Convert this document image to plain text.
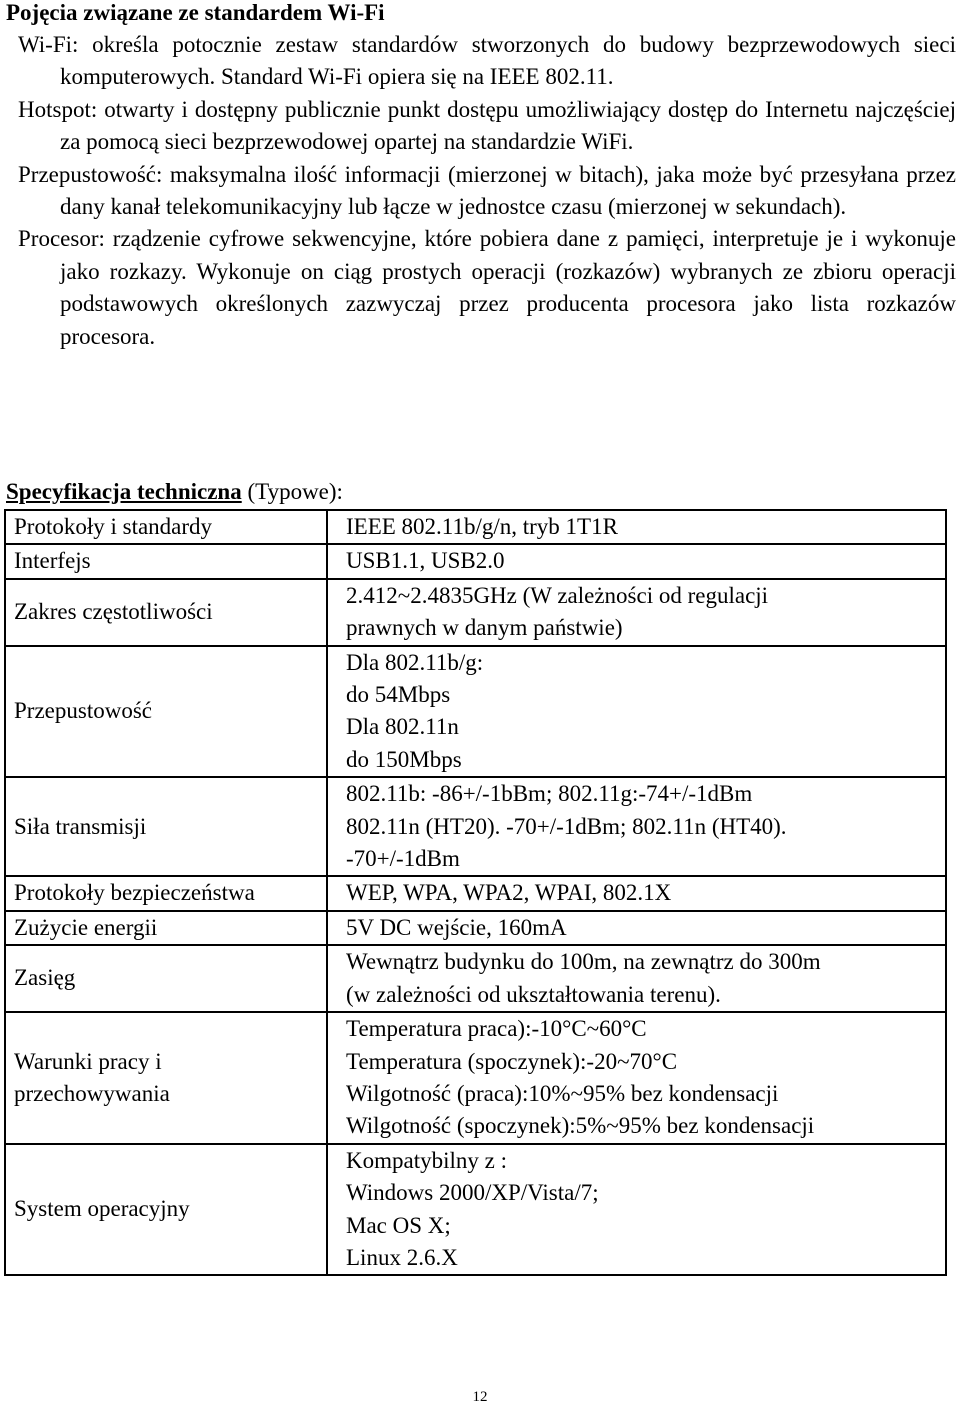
Pojęcia związane ze standardem Wi-Fi

Wi-Fi: określa potocznie zestaw standardów stworzonych do budowy bezprzewodowych sieci komputerowych. Standard Wi-Fi opiera się na IEEE 802.11.

Hotspot: otwarty i dostępny publicznie punkt dostępu umożliwiający dostęp do Internetu najczęściej za pomocą sieci bezprzewodowej opartej na standardzie WiFi.

Przepustowość: maksymalna ilość informacji (mierzonej w bitach), jaka może być przesyłana przez dany kanał telekomunikacyjny lub łącze w jednostce czasu (mierzonej w sekundach).

Procesor: rządzenie cyfrowe sekwencyjne, które pobiera dane z pamięci, interpretuje je i wykonuje jako rozkazy. Wykonuje on ciąg prostych operacji (rozkazów) wybranych ze zbioru operacji podstawowych określonych zazwyczaj przez producenta procesora jako lista rozkazów procesora.

Specyfikacja techniczna (Typowe):
Protokoły i standardy	IEEE 802.11b/g/n, tryb 1T1R

Interfejs	USB1.1, USB2.0

Zakres częstotliwości	2.412~2.4835GHz (W zależności od regulacji
prawnych w danym państwie)

Przepustowość	Dla 802.11b/g:
do 54Mbps
Dla 802.11n
do 150Mbps

Siła transmisji	802.11b: -86+/-1bBm; 802.11g:-74+/-1dBm
802.11n (HT20). -70+/-1dBm; 802.11n (HT40).
-70+/-1dBm

Protokoły bezpieczeństwa	WEP, WPA, WPA2, WPAI, 802.1X

Zużycie energii	5V DC wejście, 160mA

Zasięg	Wewnątrz budynku do 100m, na zewnątrz do 300m
(w zależności od ukształtowania terenu).

Warunki pracy i
przechowywania	Temperatura praca):-10°C~60°C
Temperatura (spoczynek):-20~70°C
Wilgotność (praca):10%~95% bez kondensacji
Wilgotność (spoczynek):5%~95% bez kondensacji

System operacyjny	Kompatybilny z :
Windows 2000/XP/Vista/7;
Mac OS X;
Linux 2.6.X
12
